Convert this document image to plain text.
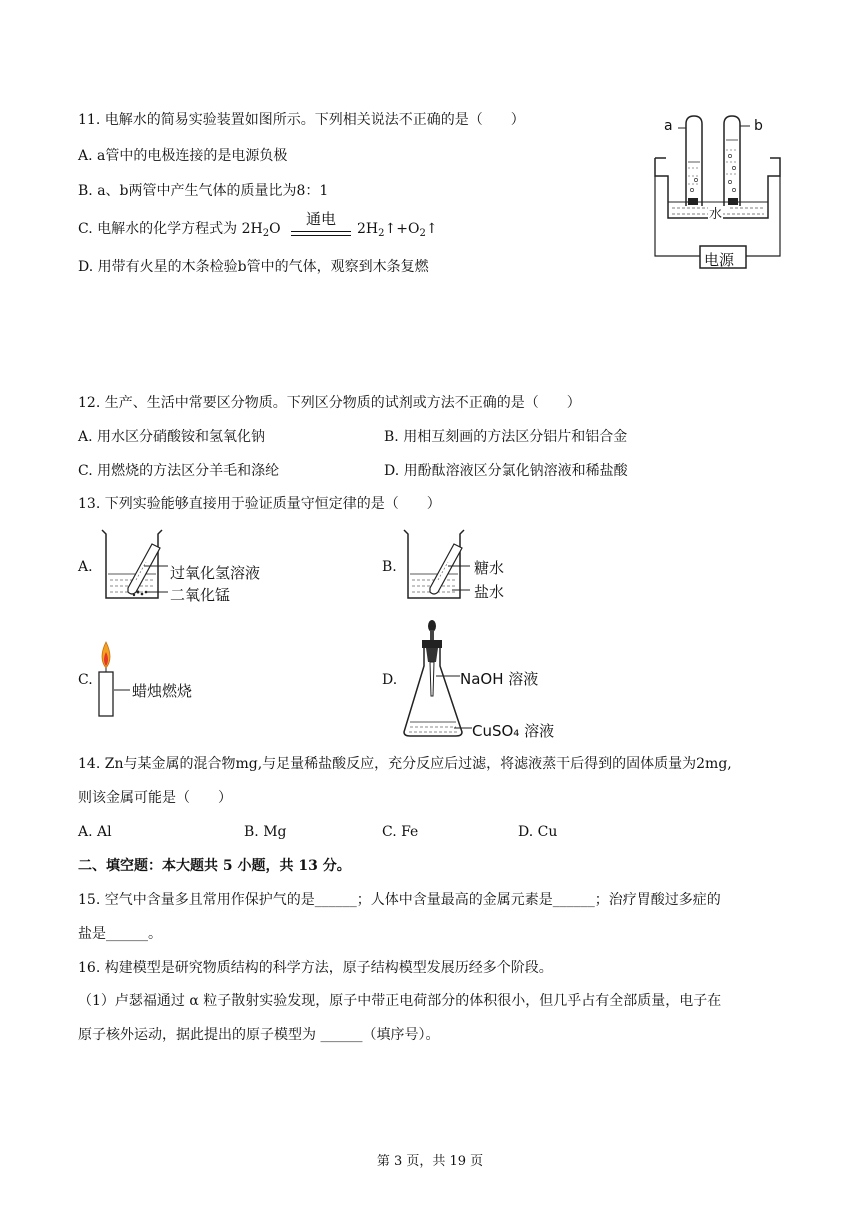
11. 电解水的简易实验装置如图所示。下列相关说法不正确的是（　　）
A. a管中的电极连接的是电源负极
B. a、b两管中产生气体的质量比为8：1
C. 电解水的化学方程式为 $2H_2O$
通电
$2H_2↑+O_2↑$
D. 用带有火星的木条检验b管中的气体，观察到木条复燃
a	b
水
电源
12. 生产、生活中常要区分物质。下列区分物质的试剂或方法不正确的是（　　）
A. 用水区分硝酸铵和氢氧化钠	B. 用相互刻画的方法区分铝片和铝合金
C. 用燃烧的方法区分羊毛和涤纶	D. 用酚酞溶液区分氯化钠溶液和稀盐酸
13. 下列实验能够直接用于验证质量守恒定律的是（　　）
A.	过氧化氢溶液
二氧化锰
B.	糖水
盐水
C.
蜡烛燃烧
D.	NaOH 溶液
CuSO₄ 溶液
14. Zn与某金属的混合物mg,与足量稀盐酸反应，充分反应后过滤，将滤液蒸干后得到的固体质量为2mg,
则该金属可能是（　　）
A. Al	B. Mg	C. Fe	D. Cu
二、填空题：本大题共 5 小题，共 13 分。
15. 空气中含量多且常用作保护气的是______；人体中含量最高的金属元素是______；治疗胃酸过多症的
盐是______。
16. 构建模型是研究物质结构的科学方法，原子结构模型发展历经多个阶段。
（1）卢瑟福通过 α 粒子散射实验发现，原子中带正电荷部分的体积很小，但几乎占有全部质量，电子在
原子核外运动，据此提出的原子模型为 ______（填序号）。
第 3 页，共 19 页
